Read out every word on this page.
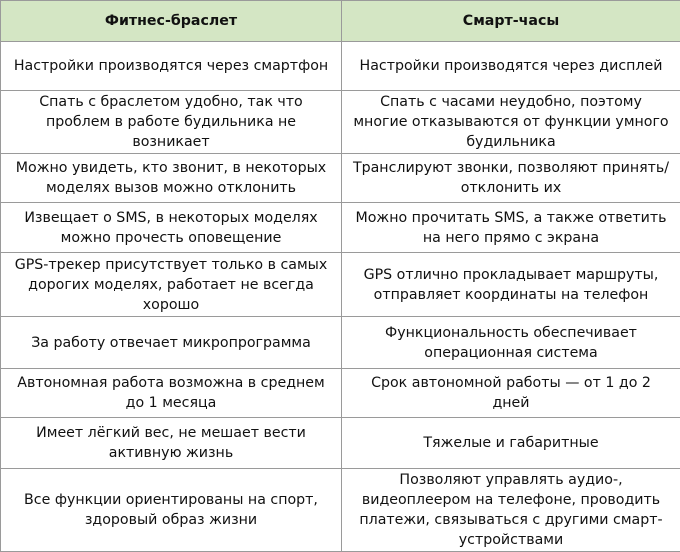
Фитнес-браслет	Смарт-часы
Настройки производятся через смартфон	Настройки производятся через дисплей
Спать с браслетом удобно, так что проблем в работе будильника не возникает	Спать с часами неудобно, поэтому многие отказываются от функции умного будильника
Можно увидеть, кто звонит, в некоторых моделях вызов можно отклонить	Транслируют звонки, позволяют принять/отклонить их
Извещает о SMS, в некоторых моделях можно прочесть оповещение	Можно прочитать SMS, а также ответить на него прямо с экрана
GPS-трекер присутствует только в самых дорогих моделях, работает не всегда хорошо	GPS отлично прокладывает маршруты, отправляет координаты на телефон
За работу отвечает микропрограмма	Функциональность обеспечивает операционная система
Автономная работа возможна в среднем до 1 месяца	Срок автономной работы — от 1 до 2 дней
Имеет лёгкий вес, не мешает вести активную жизнь	Тяжелые и габаритные
Все функции ориентированы на спорт, здоровый образ жизни	Позволяют управлять аудио-, видеоплеером на телефоне, проводить платежи, связываться с другими смарт-устройствами
